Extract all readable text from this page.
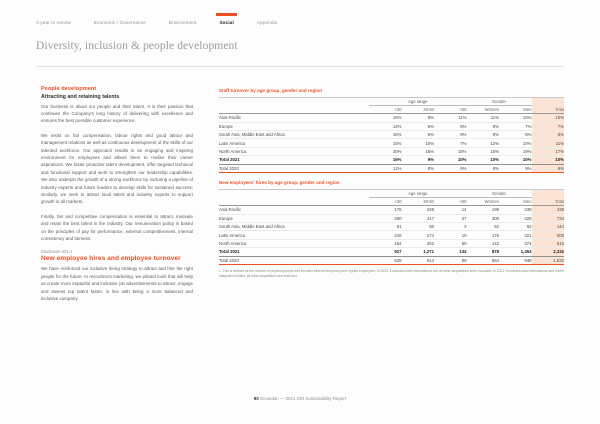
A year in review	Economic / Governance	Environment	Social	Appendix
Diversity, inclusion & people development
People development
Attracting and retaining talents

Our business is about our people and their talent. It is their passion that continues the Company's long history of delivering with excellence and ensures the best possible customer experience.

We insist on fair compensation, labour rights and good labour and management relations as well as continuous development of the skills of our talented workforce. Our approach results in an engaging and inspiring environment for employees and allows them to realise their career aspirations. We foster proactive talent development, offer targeted technical and functional support and work to strengthen our leadership capabilities. We also underpin the growth of a strong workforce by nurturing a pipeline of industry experts and future leaders to develop skills for sustained success; similarly, we seek to attract local talent and industry experts to support growth in all markets.

Finally, fair and competitive compensation is essential to attract, motivate and retain the best talent in the industry. Our remuneration policy is based on the principles of pay for performance, external competitiveness, internal consistency and fairness.

Disclosure 401-1
New employee hires and employee turnover

We have reinforced our inclusive hiring strategy to attract and hire the right people for the future. In recruitment marketing, we piloted tools that will help us create more impactful and inclusive job advertisements to attract, engage and assess top talent faster, in line with being a more balanced and inclusive company.

Staff turnover by age group, gender and region
	Age range			Gender		
	<30	30-50	>50	Women	Men	Total
Asia Pacific	15%	9%	11%	11%	10%	10%
Europe	12%	6%	8%	8%	7%	7%
South Asia, Middle East and Africa	15%	6%	9%	8%	8%	8%
Latin America	15%	10%	7%	12%	10%	11%
North America	30%	15%	15%	15%	19%	17%
Total 2021	16%	9%	10%	10%	10%	10%
Total 2020	12%	8%	9%	8%	9%	9%
New employees' hires by age group, gender and region
	Age range			Gender		
	<30	30-50	>50	Women	Men	Total
Asia Pacific	176	248	14	199	239	438
Europe	290	417	27	306	428	734
South Asia, Middle East and Africa	61	80	3	52	92	144
Latin America	216	274	10	179	321	500
North America	184	252	80	142	374	516
Total 2021	927	1,271	134	878	1,454	2,332
Total 2020	629	914	89	684	948	1,632
1. This is defined as the number of physical people and includes internal temporary and regular employees. In 2020, it included Activ International, but all other acquisitions were excluded. In 2021, it includes Activ International and driven integrated entities, all other acquisitions are excluded.
90 Givaudan — 2021 GRI Sustainability Report
